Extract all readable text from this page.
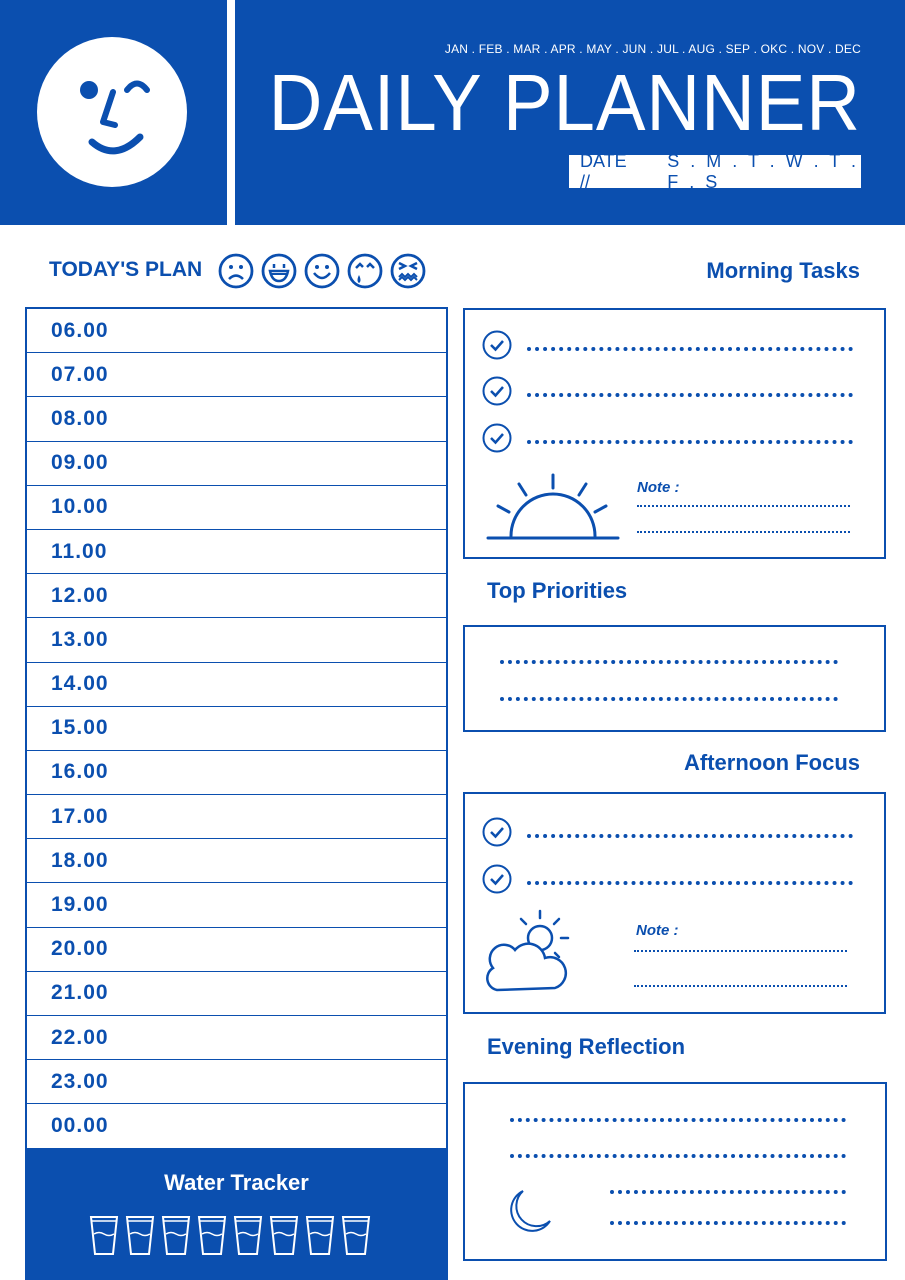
JAN . FEB . MAR . APR . MAY . JUN . JUL . AUG . SEP . OKC . NOV . DEC
DAILY PLANNER
DATE //
S . M . T . W . T . F . S
TODAY'S PLAN
06.00
07.00
08.00
09.00
10.00
11.00
12.00
13.00
14.00
15.00
16.00
17.00
18.00
19.00
20.00
21.00
22.00
23.00
00.00
Water Tracker
Morning Tasks
Note :
Top Priorities
Afternoon Focus
Note :
Evening Reflection
